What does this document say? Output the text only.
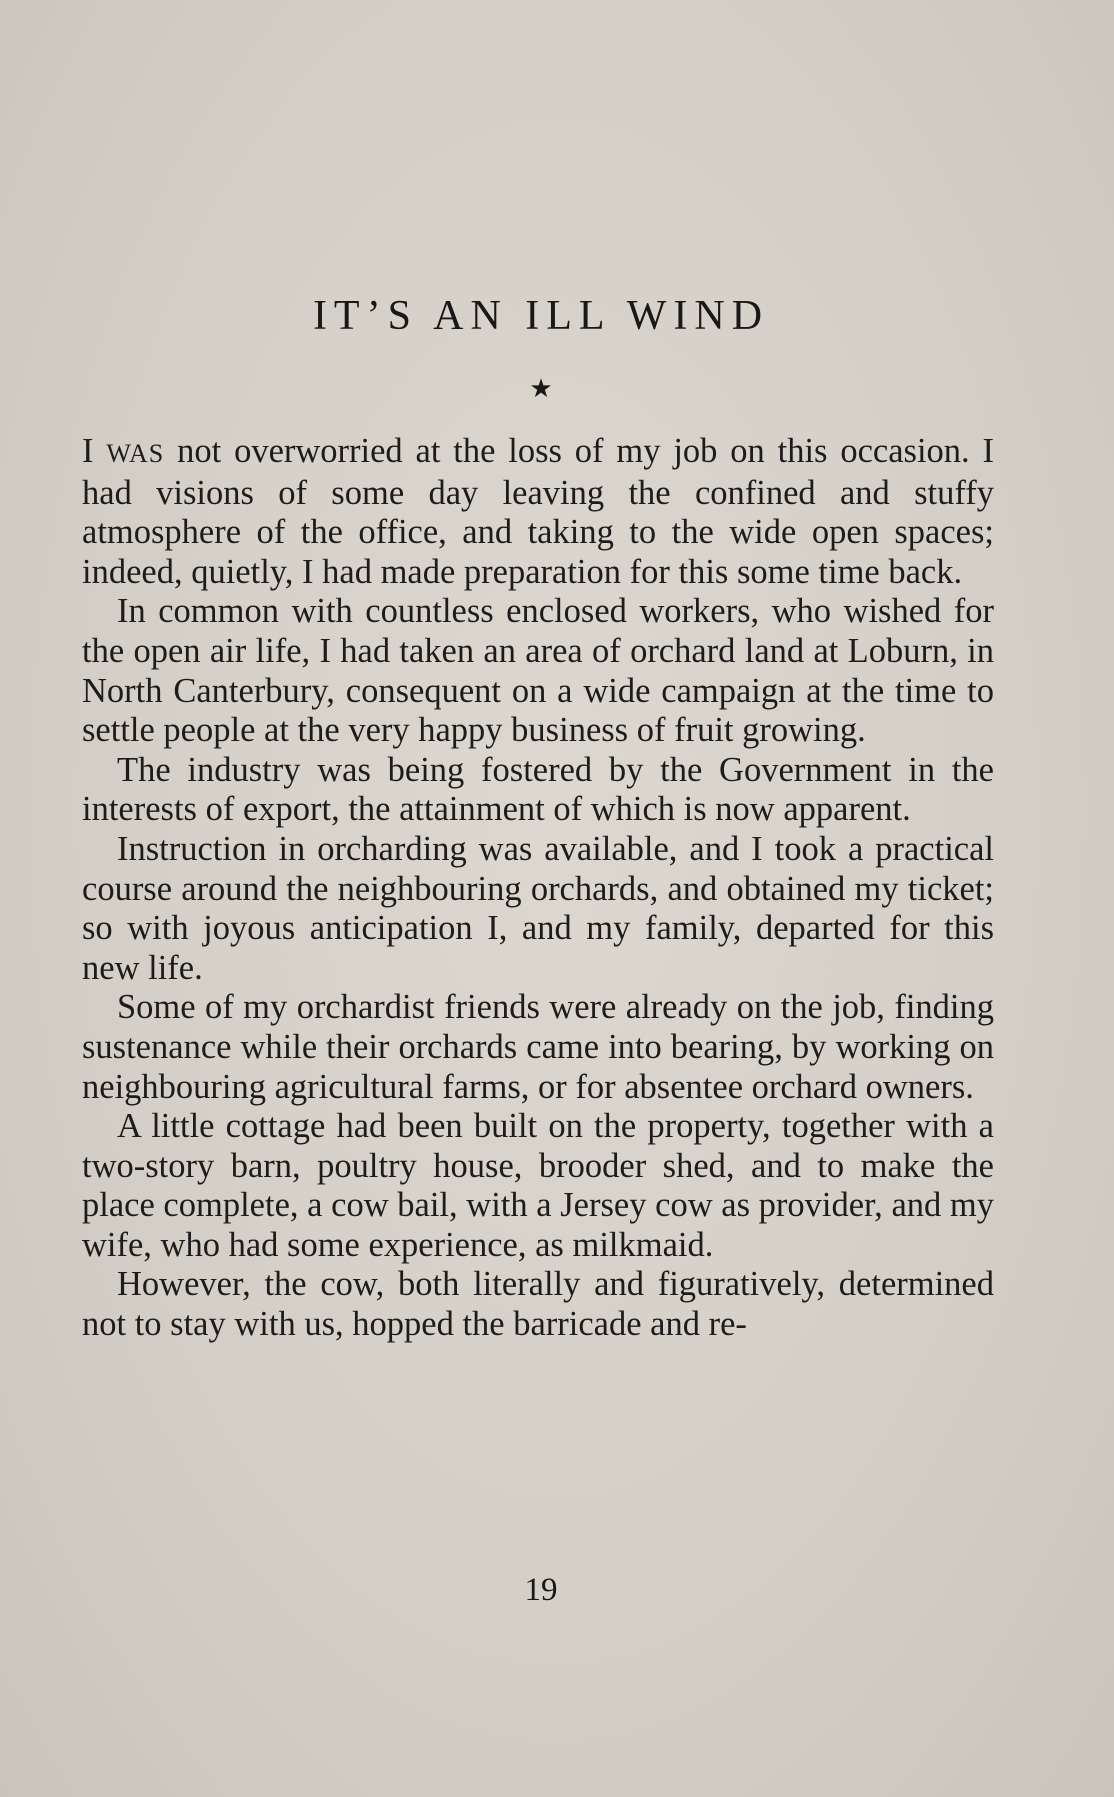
IT’S AN ILL WIND
★

I WAS not overworried at the loss of my job on this occasion. I had visions of some day leaving the confined and stuffy atmosphere of the office, and taking to the wide open spaces; indeed, quietly, I had made preparation for this some time back.

In common with countless enclosed workers, who wished for the open air life, I had taken an area of orchard land at Loburn, in North Canterbury, consequent on a wide campaign at the time to settle people at the very happy business of fruit growing.

The industry was being fostered by the Government in the interests of export, the attainment of which is now apparent.

Instruction in orcharding was available, and I took a practical course around the neighbouring orchards, and obtained my ticket; so with joyous anticipation I, and my family, departed for this new life.

Some of my orchardist friends were already on the job, finding sustenance while their orchards came into bearing, by working on neighbouring agricultural farms, or for absentee orchard owners.

A little cottage had been built on the property, together with a two-story barn, poultry house, brooder shed, and to make the place complete, a cow bail, with a Jersey cow as provider, and my wife, who had some experience, as milkmaid.

However, the cow, both literally and figuratively, determined not to stay with us, hopped the barricade and re-

19
